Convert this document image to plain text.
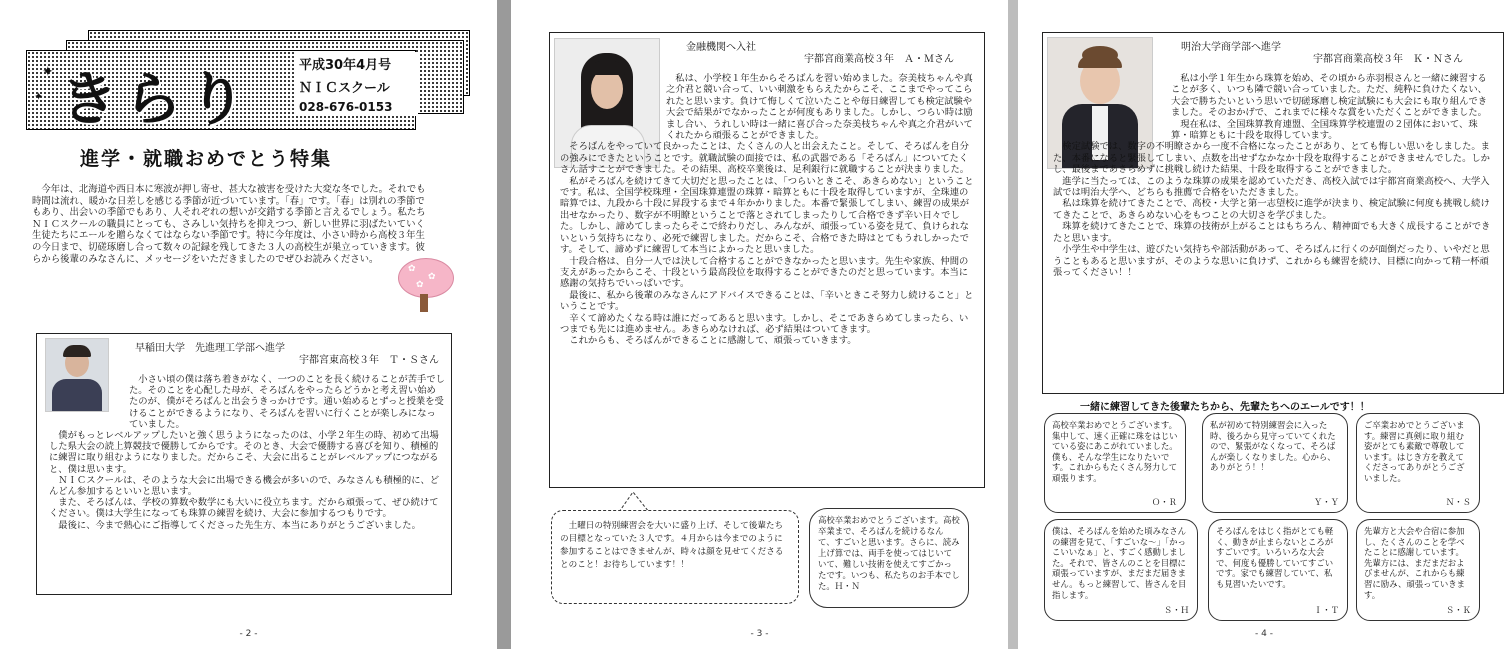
✦
✦ きらり	平成30年4月号
ＮＩＣスクール
028-676-0153
進学・就職おめでとう特集

今年は、北海道や西日本に寒波が押し寄せ、甚大な被害を受けた大変な冬でした。それでも時間は流れ、暖かな日差しを感じる季節が近づいています。「春」です。「春」は別れの季節でもあり、出会いの季節でもあり、人それぞれの想いが交錯する季節と言えるでしょう。私たちＮＩＣスクールの職員にとっても、さみしい気持ちを抑えつつ、新しい世界に羽ばたいていく生徒たちにエールを贈らなくてはならない季節です。特に今年度は、小さい時から高校３年生の今日まで、切磋琢磨し合って数々の記録を残してきた３人の高校生が巣立っていきます。彼らから後輩のみなさんに、メッセージをいただきましたのでぜひお読みください。

✿
✿
✿
早稲田大学　先進理工学部へ進学
宇都宮東高校３年　Ｔ・Ｓさん

小さい頃の僕は落ち着きがなく、一つのことを長く続けることが苦手でした。そのことを心配した母が、そろばんをやったらどうかと考え習い始めたのが、僕がそろばんと出会うきっかけです。通い始めるとずっと授業を受けることができるようになり、そろばんを習いに行くことが楽しみになっていました。

僕がもっとレベルアップしたいと強く思うようになったのは、小学２年生の時、初めて出場した県大会の読上算競技で優勝してからです。そのとき、大会で優勝する喜びを知り、積極的に練習に取り組むようになりました。だからこそ、大会に出ることがレベルアップにつながると、僕は思います。

ＮＩＣスクールは、そのような大会に出場できる機会が多いので、みなさんも積極的に、どんどん参加するといいと思います。

また、そろばんは、学校の算数や数学にも大いに役立ちます。だから頑張って、ぜひ続けてください。僕は大学生になっても珠算の練習を続け、大会に参加するつもりです。

最後に、今まで熱心にご指導してくださった先生方、本当にありがとうございました。

- 2 -
金融機関へ入社
宇都宮商業高校３年　Ａ・Ｍさん

私は、小学校１年生からそろばんを習い始めました。奈美枝ちゃんや真之介君と競い合って、いい刺激をもらえたからこそ、ここまでやってこられたと思います。負けて悔しくて泣いたことや毎日練習しても検定試験や大会で結果がでなかったことが何度もありました。しかし、つらい時は励まし合い、うれしい時は一緒に喜び合った奈美枝ちゃんや真之介君がいてくれたから頑張ることができました。

そろばんをやっていて良かったことは、たくさんの人と出会えたこと。そして、そろばんを自分の強みにできたということです。就職試験の面接では、私の武器である「そろばん」についてたくさん話すことができました。その結果、高校卒業後は、足利銀行に就職することが決まりました。

私がそろばんを続けてきて大切だと思ったことは、「つらいときこそ、あきらめない」ということです。私は、全国学校珠理・全国珠算連盟の珠算・暗算ともに十段を取得していますが、全珠連の暗算では、九段から十段に昇段するまで４年かかりました。本番で緊張してしまい、練習の成果が出せなかったり、数字が不明瞭ということで落とされてしまったりして合格できず辛い日々でした。しかし、諦めてしまったらそこで終わりだし、みんなが、頑張っている姿を見て、負けられないという気持ちになり、必死で練習しました。だからこそ、合格できた時はとてもうれしかったです。そして、諦めずに練習して本当によかったと思いました。

十段合格は、自分一人では決して合格することができなかったと思います。先生や家族、仲間の支えがあったからこそ、十段という最高段位を取得することができたのだと思っています。本当に感謝の気持ちでいっぱいです。

最後に、私から後輩のみなさんにアドバイスできることは、「辛いときこそ努力し続けること」ということです。

辛くて諦めたくなる時は誰にだってあると思います。しかし、そこであきらめてしまったら、いつまでも先には進めません。あきらめなければ、必ず結果はついてきます。

これからも、そろばんができることに感謝して、頑張っていきます。

土曜日の特別練習会を大いに盛り上げ、そして後輩たちの目標となっていた３人です。４月からは今までのように参加することはできませんが、時々は顔を見せてくださるとのこと！お待ちしています！！

高校卒業おめでとうございます。高校卒業まで、そろばんを続けるなんて、すごいと思います。さらに、読み上げ算では、両手を使ってはじいていて、難しい技術を使えてすごかったです。いつも、私たちのお手本でした。Ｈ・Ｎ

- 3 -
明治大学商学部へ進学
宇都宮商業高校３年　Ｋ・Ｎさん

私は小学１年生から珠算を始め、その頃から赤羽根さんと一緒に練習することが多く、いつも隣で競い合っていました。ただ、純粋に負けたくない、大会で勝ちたいという思いで切磋琢磨し検定試験にも大会にも取り組んできました。そのおかげで、これまでに様々な賞をいただくことができました。

現在私は、全国珠算教育連盟、全国珠算学校連盟の２団体において、珠算・暗算ともに十段を取得しています。

検定試験では、数字の不明瞭さから一度不合格になったことがあり、とても悔しい思いをしました。また、本番になると緊張してしまい、点数を出せずなかなか十段を取得することができませんでした。しかし、最後まであきらめずに挑戦し続けた結果、十段を取得することができました。

進学に当たっては、このような珠算の成果を認めていただき、高校入試では宇都宮商業高校へ、大学入試では明治大学へ、どちらも推薦で合格をいただきました。

私は珠算を続けてきたことで、高校・大学と第一志望校に進学が決まり、検定試験に何度も挑戦し続けてきたことで、あきらめない心をもつことの大切さを学びました。

珠算を続けてきたことで、珠算の技術が上がることはもちろん、精神面でも大きく成長することができたと思います。

小学生や中学生は、遊びたい気持ちや部活動があって、そろばんに行くのが面倒だったり、いやだと思うこともあると思いますが、そのような思いに負けず、これからも練習を続け、目標に向かって精一杯頑張ってください！！

一緒に練習してきた後輩たちから、先輩たちへのエールです！！

高校卒業おめでとうございます。集中して、速く正確に珠をはじいている姿にあこがれていました。僕も、そんな学生になりたいです。これからもたくさん努力して頑張ります。

Ｏ・Ｒ

私が初めて特別練習会に入った時、後ろから見守っていてくれたので、緊張がなくなって、そろばんが楽しくなりました。心から、ありがとう！！

Ｙ・Ｙ

ご卒業おめでとうございます。練習に真剣に取り組む姿がとても素敵で尊敬しています。はじき方を教えてくださってありがとうございました。

Ｎ・Ｓ

僕は、そろばんを始めた頃みなさんの練習を見て、「すごいな～」「かっこいいなぁ」と、すごく感動しました。それで、皆さんのことを目標に頑張っていますが、まだまだ届きません。もっと練習して、皆さんを目指します。

Ｓ・Ｈ

そろばんをはじく指がとても軽く、動きが止まらないところがすごいです。いろいろな大会で、何度も優勝していてすごいです。家でも練習していて、私も見習いたいです。

Ｉ・Ｔ

先輩方と大会や合宿に参加し、たくさんのことを学べたことに感謝しています。先輩方には、まだまだおよびませんが、これからも練習に励み、頑張っていきます。

Ｓ・Ｋ
- 4 -
